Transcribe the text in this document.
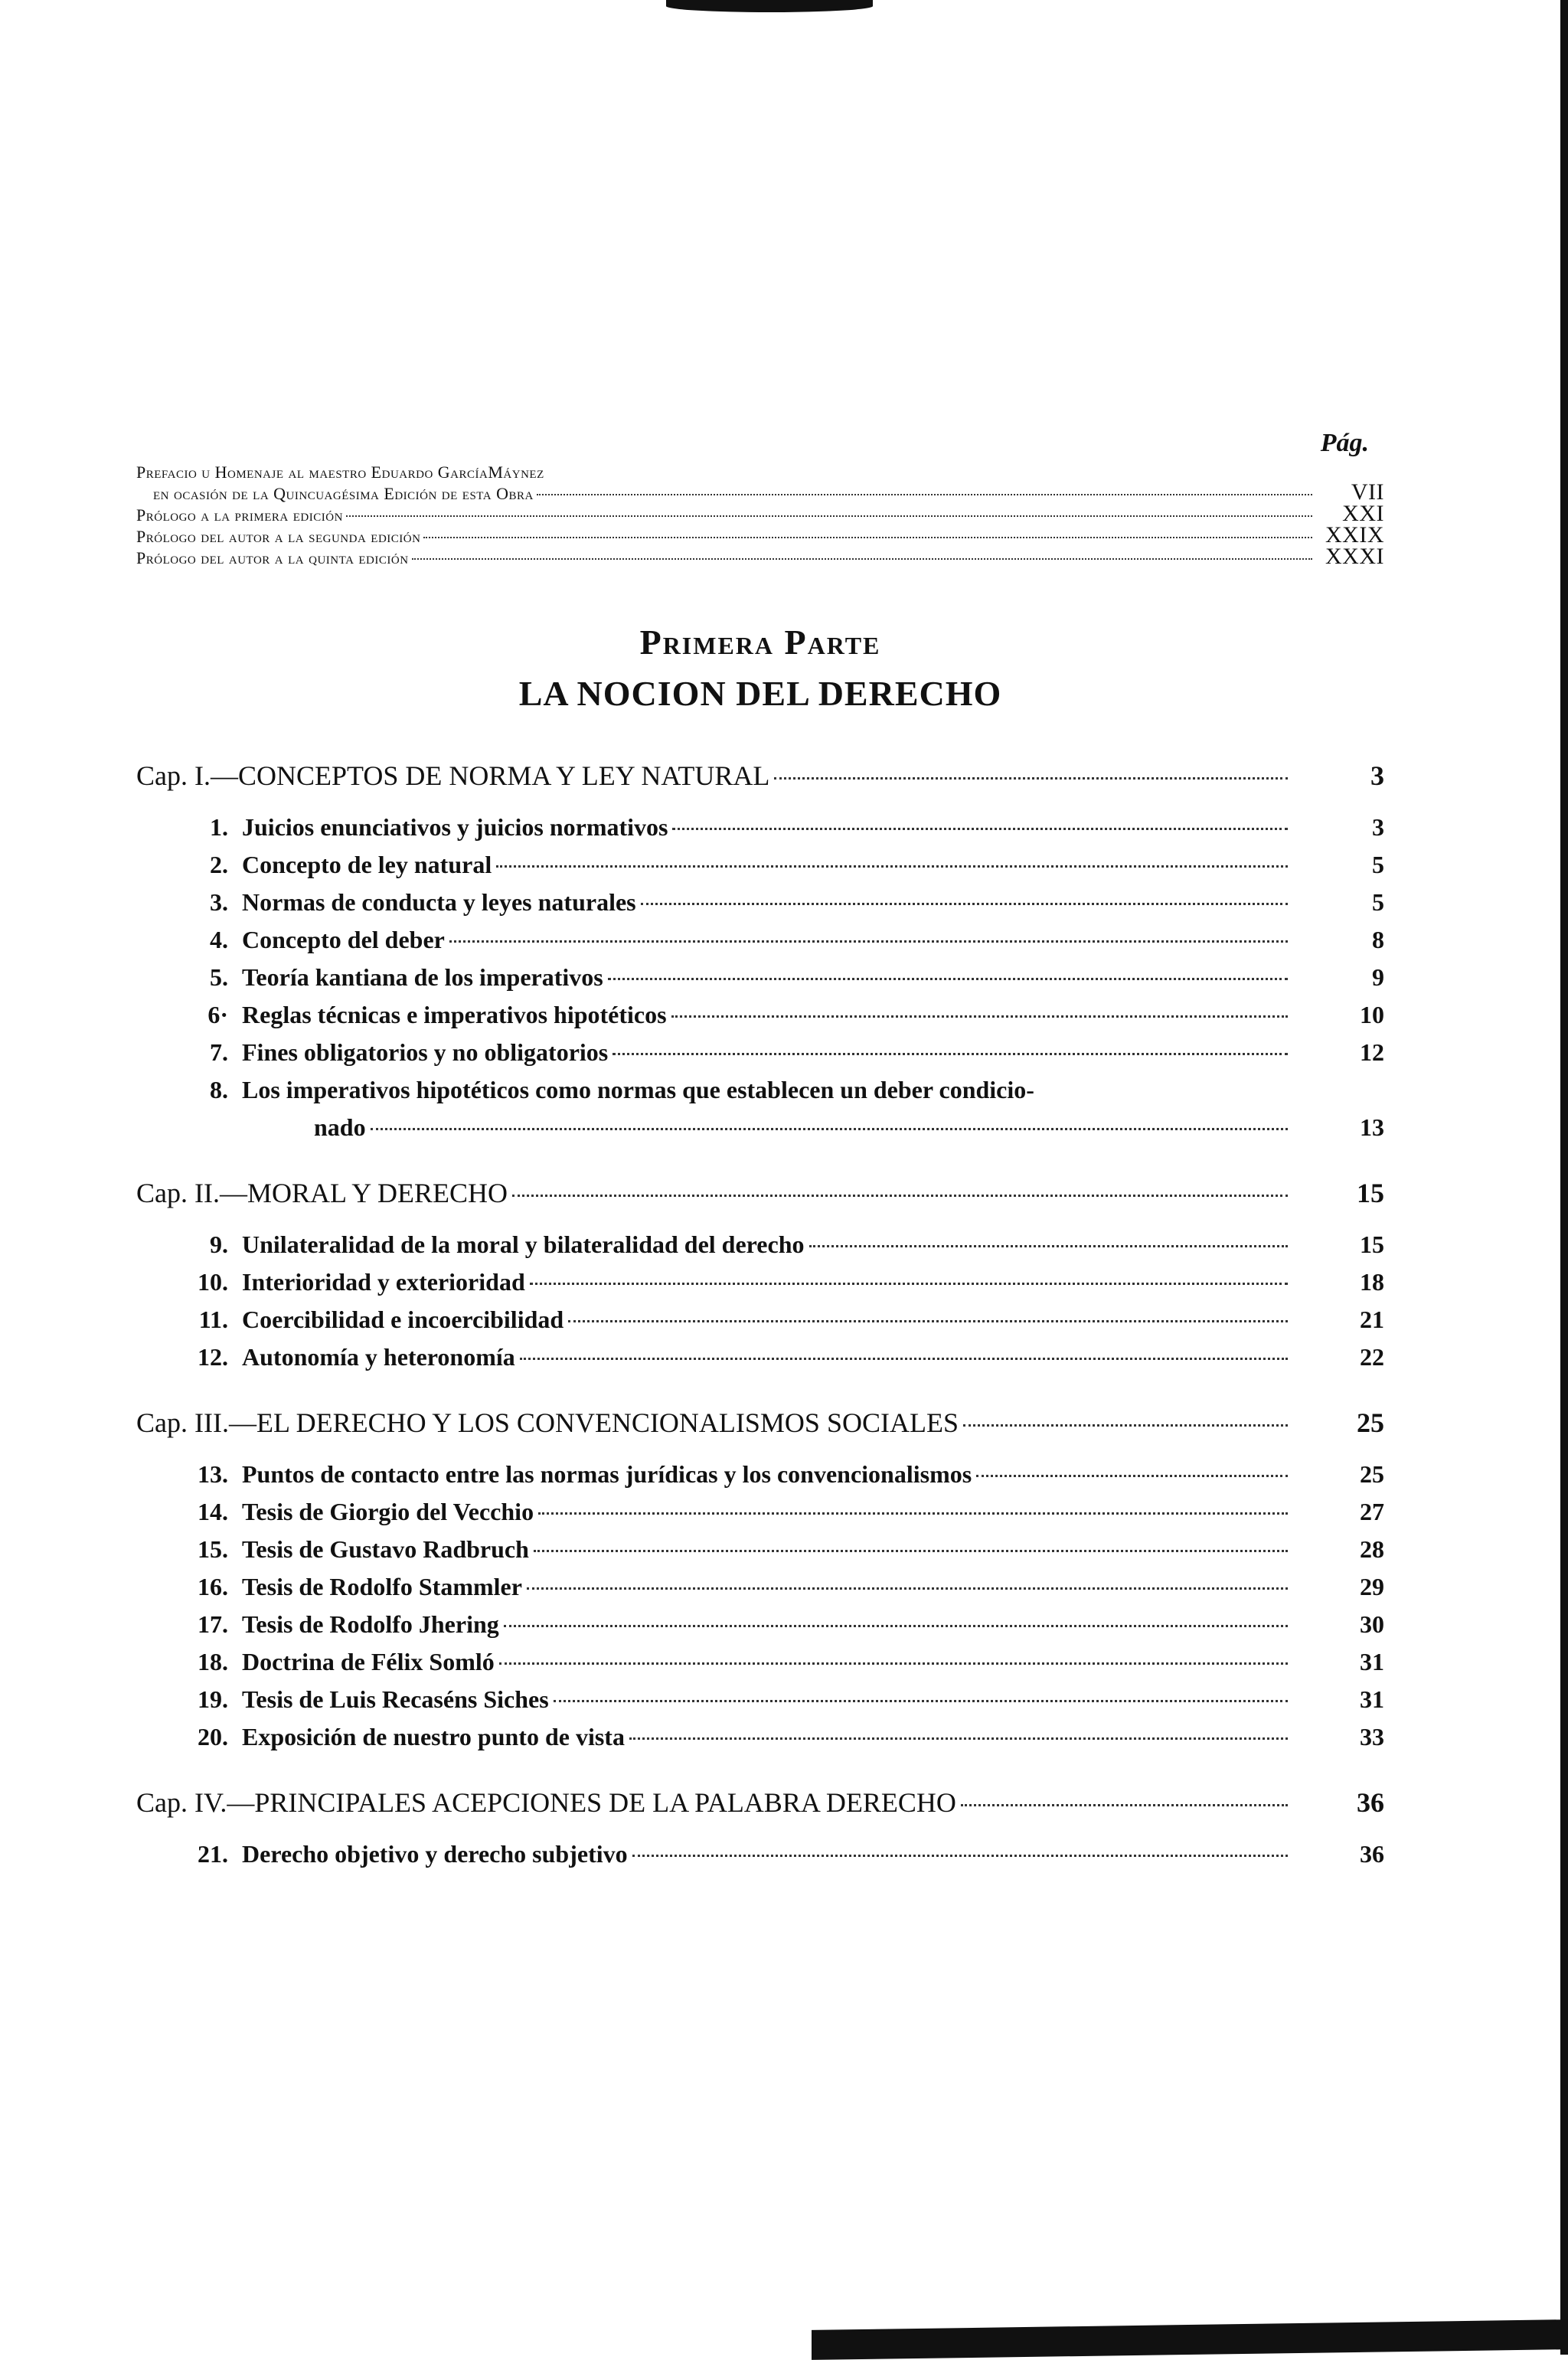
Pág.
Prefacio u Homenaje al maestro Eduardo GarcíaMáynez
en ocasión de la Quincuagésima Edición de esta Obra	VII
Prólogo a la primera edición	XXI
Prólogo del autor a la segunda edición	XXIX
Prólogo del autor a la quinta edición	XXXI
Primera Parte
LA NOCION DEL DERECHO
Cap. I.—CONCEPTOS DE NORMA Y LEY NATURAL	3
1. Juicios enunciativos y juicios normativos	3
2. Concepto de ley natural	5
3. Normas de conducta y leyes naturales	5
4. Concepto del deber	8
5. Teoría kantiana de los imperativos	9
6· Reglas técnicas e imperativos hipotéticos	10
7. Fines obligatorios y no obligatorios	12
8. Los imperativos hipotéticos como normas que establecen un deber condicio-
nado	13
Cap. II.—MORAL Y DERECHO	15
9. Unilateralidad de la moral y bilateralidad del derecho	15
10. Interioridad y exterioridad	18
11. Coercibilidad e incoercibilidad	21
12. Autonomía y heteronomía	22
Cap. III.—EL DERECHO Y LOS CONVENCIONALISMOS SOCIALES	25
13. Puntos de contacto entre las normas jurídicas y los convencionalismos	25
14. Tesis de Giorgio del Vecchio	27
15. Tesis de Gustavo Radbruch	28
16. Tesis de Rodolfo Stammler	29
17. Tesis de Rodolfo Jhering	30
18. Doctrina de Félix Somló	31
19. Tesis de Luis Recaséns Siches	31
20. Exposición de nuestro punto de vista	33
Cap. IV.—PRINCIPALES ACEPCIONES DE LA PALABRA DERECHO	36
21. Derecho objetivo y derecho subjetivo	36
